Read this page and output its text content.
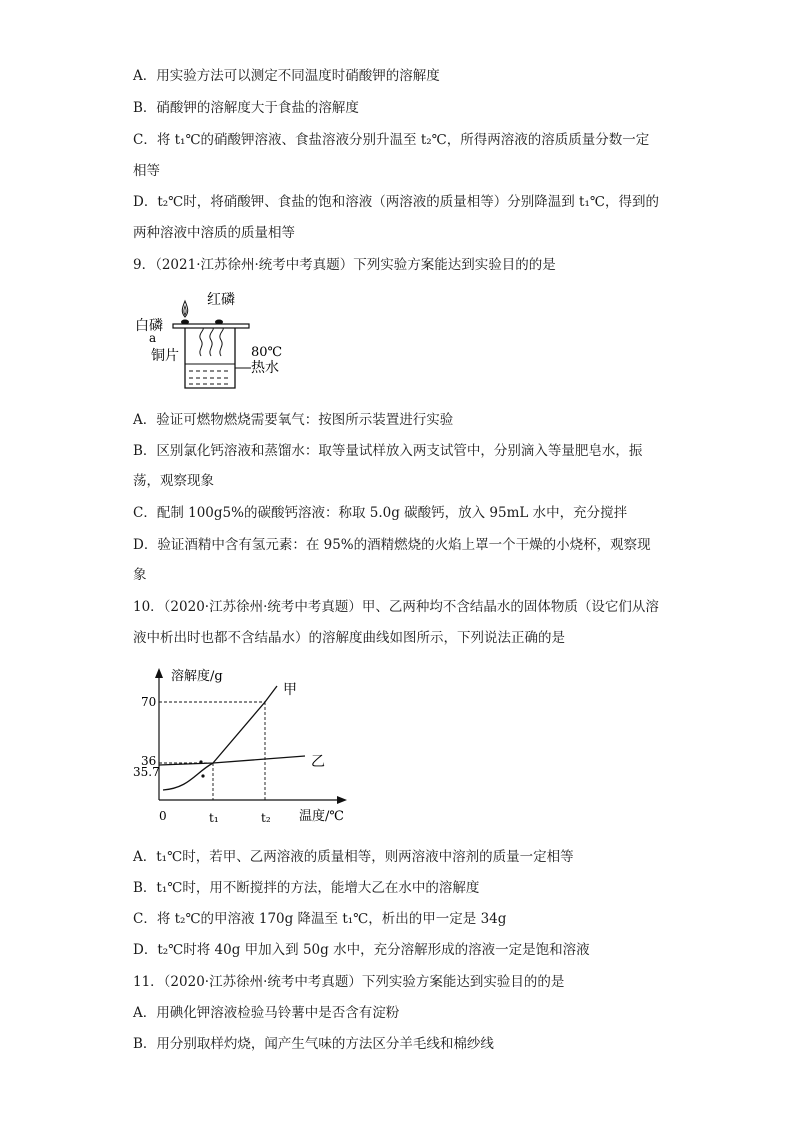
A．用实验方法可以测定不同温度时硝酸钾的溶解度
B．硝酸钾的溶解度大于食盐的溶解度
C．将 t₁℃的硝酸钾溶液、食盐溶液分别升温至 t₂℃，所得两溶液的溶质质量分数一定
相等
D．t₂℃时，将硝酸钾、食盐的饱和溶液（两溶液的质量相等）分别降温到 t₁℃，得到的
两种溶液中溶质的质量相等
9．（2021·江苏徐州·统考中考真题）下列实验方案能达到实验目的的是
红磷
白磷
a
铜片	80℃
热水
A．验证可燃物燃烧需要氧气：按图所示装置进行实验
B．区别氯化钙溶液和蒸馏水：取等量试样放入两支试管中，分别滴入等量肥皂水，振
荡，观察现象
C．配制 100g5%的碳酸钙溶液：称取 5.0g 碳酸钙，放入 95mL 水中，充分搅拌
D．验证酒精中含有氢元素：在 95%的酒精燃烧的火焰上罩一个干燥的小烧杯，观察现
象
10．（2020·江苏徐州·统考中考真题）甲、乙两种均不含结晶水的固体物质（设它们从溶
液中析出时也都不含结晶水）的溶解度曲线如图所示，下列说法正确的是
溶解度/g
温度/℃
0	t₁	t₂
35.7
36
70
甲
乙
A．t₁℃时，若甲、乙两溶液的质量相等，则两溶液中溶剂的质量一定相等
B．t₁℃时，用不断搅拌的方法，能增大乙在水中的溶解度
C．将 t₂℃的甲溶液 170g 降温至 t₁℃，析出的甲一定是 34g
D．t₂℃时将 40g 甲加入到 50g 水中，充分溶解形成的溶液一定是饱和溶液
11．（2020·江苏徐州·统考中考真题）下列实验方案能达到实验目的的是
A．用碘化钾溶液检验马铃薯中是否含有淀粉
B．用分别取样灼烧，闻产生气味的方法区分羊毛线和棉纱线
